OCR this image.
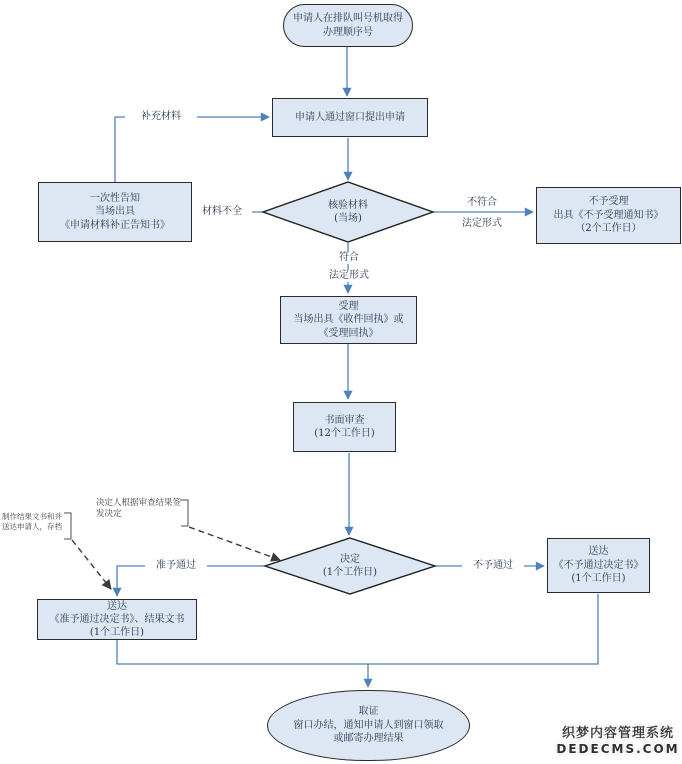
申请人在排队叫号机取得
办理顺序号
申请人通过窗口提出申请
核验材料
(当场)
一次性告知
当场出具
《申请材料补正告知书》
不予受理
出具《不予受理通知书》
（2个工作日）
受理
当场出具《收件回执》或
《受理回执》
书面审查
(12个工作日)
决定
(1个工作日)
送达
《不予通过决定书》
(1个工作日)
送达
《准予通过决定书》、结果文书
(1个工作日)
取证
窗口办结，通知申请人到窗口领取
或邮寄办理结果
补充材料
材料不全
不符合
法定形式
符合
法定形式
准予通过	不予通过
决定人根据审查结果签
发决定
制作结果文书和并
送达申请人，存档
织梦内容管理系统
DEDECMS.COM
